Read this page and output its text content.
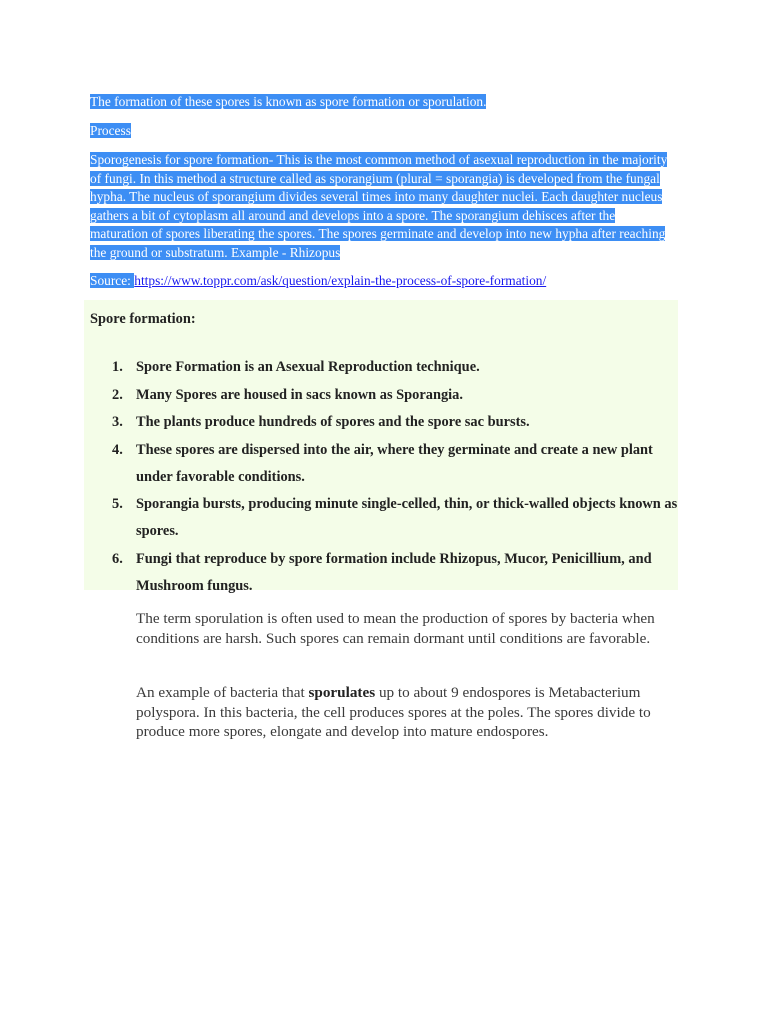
The formation of these spores is known as spore formation or sporulation.
Process
Sporogenesis for spore formation- This is the most common method of asexual reproduction in the majority of fungi. In this method a structure called as sporangium (plural = sporangia) is developed from the fungal hypha. The nucleus of sporangium divides several times into many daughter nuclei. Each daughter nucleus gathers a bit of cytoplasm all around and develops into a spore. The sporangium dehisces after the maturation of spores liberating the spores. The spores germinate and develop into new hypha after reaching the ground or substratum. Example - Rhizopus
Source: https://www.toppr.com/ask/question/explain-the-process-of-spore-formation/
Spore formation:
1. Spore Formation is an Asexual Reproduction technique.
2. Many Spores are housed in sacs known as Sporangia.
3. The plants produce hundreds of spores and the spore sac bursts.
4. These spores are dispersed into the air, where they germinate and create a new plant under favorable conditions.
5. Sporangia bursts, producing minute single-celled, thin, or thick-walled objects known as spores.
6. Fungi that reproduce by spore formation include Rhizopus, Mucor, Penicillium, and Mushroom fungus.
The term sporulation is often used to mean the production of spores by bacteria when conditions are harsh. Such spores can remain dormant until conditions are favorable.
An example of bacteria that sporulates up to about 9 endospores is Metabacterium polyspora. In this bacteria, the cell produces spores at the poles. The spores divide to produce more spores, elongate and develop into mature endospores.
